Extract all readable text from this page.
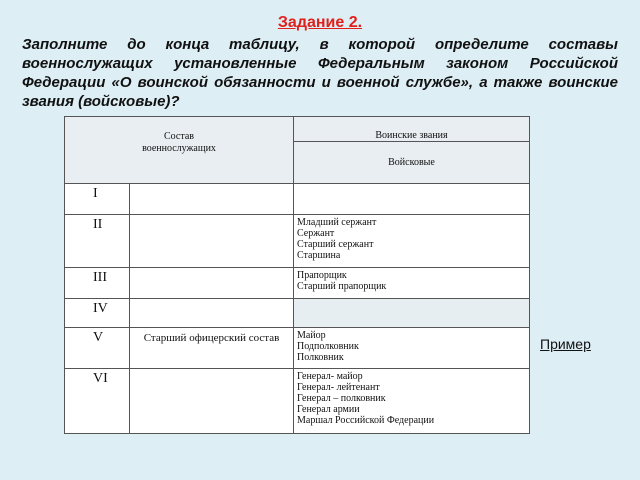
Задание 2.
Заполните до конца таблицу, в которой определите составы военнослужащих установленные Федеральным законом Российской Федерации «О воинской обязанности и военной службе», а также воинские звания (войсковые)?
Состав
военнослужащих		Воинские звания
		Войсковые
I		
II		Младший сержант
Сержант
Старший сержант
Старшина

III		Прапорщик
Старший прапорщик

IV		
V	Старший офицерский состав	Майор
Подполковник
Полковник

VI		Генерал- майор
Генерал- лейтенант
Генерал – полковник
Генерал армии
Маршал Российской Федерации
Пример
